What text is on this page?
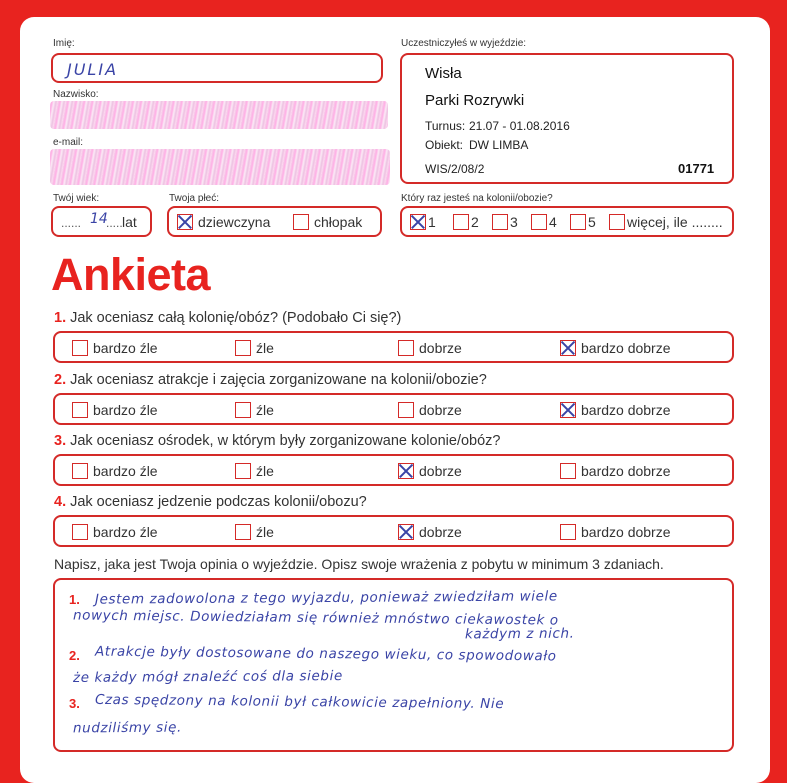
Imię:
JULIA
Nazwisko:
e-mail:
Twój wiek:
...... 14
..... lat
Twoja płeć:
dziewczyna	chłopak
Uczestniczyłeś w wyjeździe:
Wisła
Parki Rozrywki
Turnus: 21.07 - 01.08.2016
Obiekt: DW LIMBA
WIS/2/08/2	01771
Który raz jesteś na kolonii/obozie?
1	2	3	4	5	więcej, ile ........
Ankieta
1. Jak oceniasz całą kolonię/obóz? (Podobało Ci się?)
bardzo źle	źle	dobrze	bardzo dobrze
2. Jak oceniasz atrakcje i zajęcia zorganizowane na kolonii/obozie?
bardzo źle	źle	dobrze	bardzo dobrze
3. Jak oceniasz ośrodek, w którym były zorganizowane kolonie/obóz?
bardzo źle	źle	dobrze	bardzo dobrze
4. Jak oceniasz jedzenie podczas kolonii/obozu?
bardzo źle	źle	dobrze	bardzo dobrze
Napisz, jaka jest Twoja opinia o wyjeździe. Opisz swoje wrażenia z pobytu w minimum 3 zdaniach.
1. Jestem zadowolona z tego wyjazdu, ponieważ zwiedziłam wiele
nowych miejsc. Dowiedziałam się również mnóstwo ciekawostek o
każdym z nich.
2. Atrakcje były dostosowane do naszego wieku, co spowodowało
że każdy mógł znaleźć coś dla siebie
3. Czas spędzony na kolonii był całkowicie zapełniony. Nie
nudziliśmy się.
